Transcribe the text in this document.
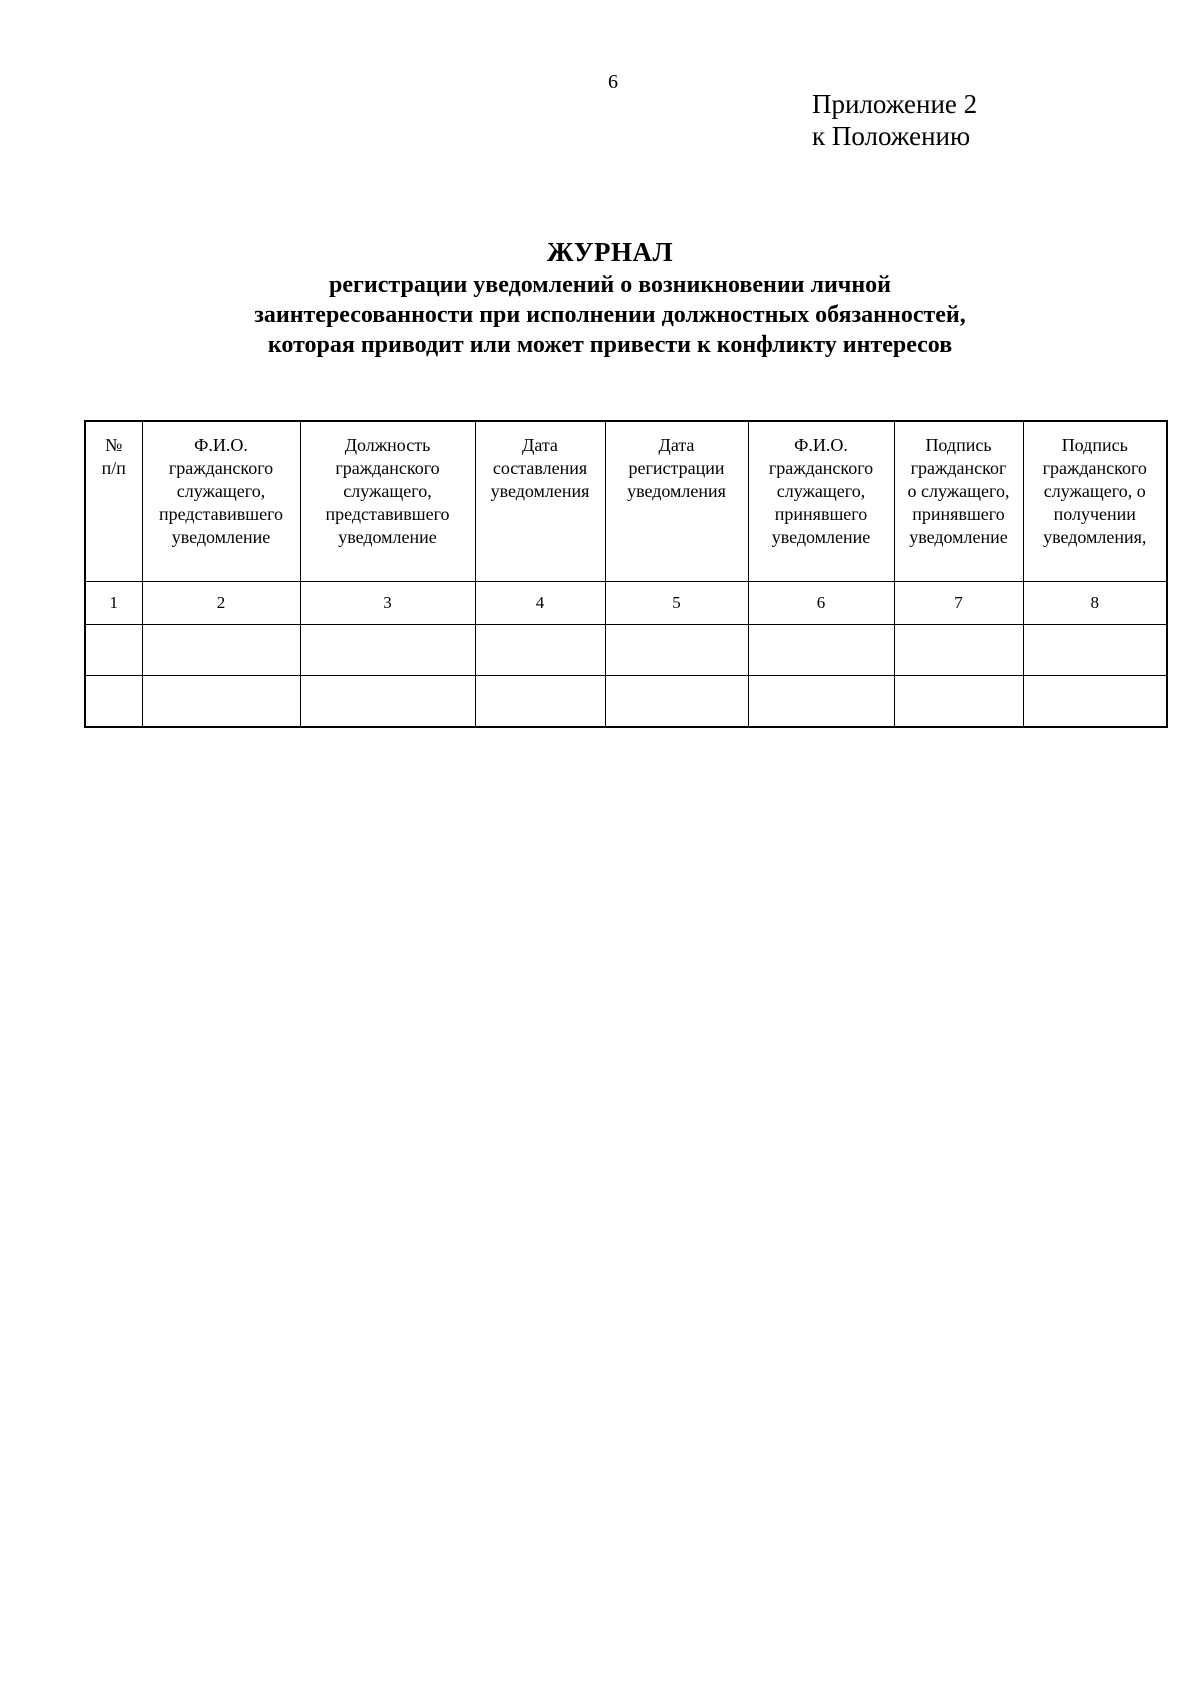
6
Приложение 2
к Положению
ЖУРНАЛ
регистрации уведомлений о возникновении личной
заинтересованности при исполнении должностных обязанностей,
которая приводит или может привести к конфликту интересов
№
п/п	Ф.И.О.
гражданского
служащего,
представившего
уведомление	Должность
гражданского
служащего,
представившего
уведомление	Дата
составления
уведомления	Дата
регистрации
уведомления	Ф.И.О.
гражданского
служащего,
принявшего
уведомление	Подпись
гражданског
о служащего,
принявшего
уведомление	Подпись
гражданского
служащего, о
получении
уведомления,

1	2	3	4	5	6	7	8
